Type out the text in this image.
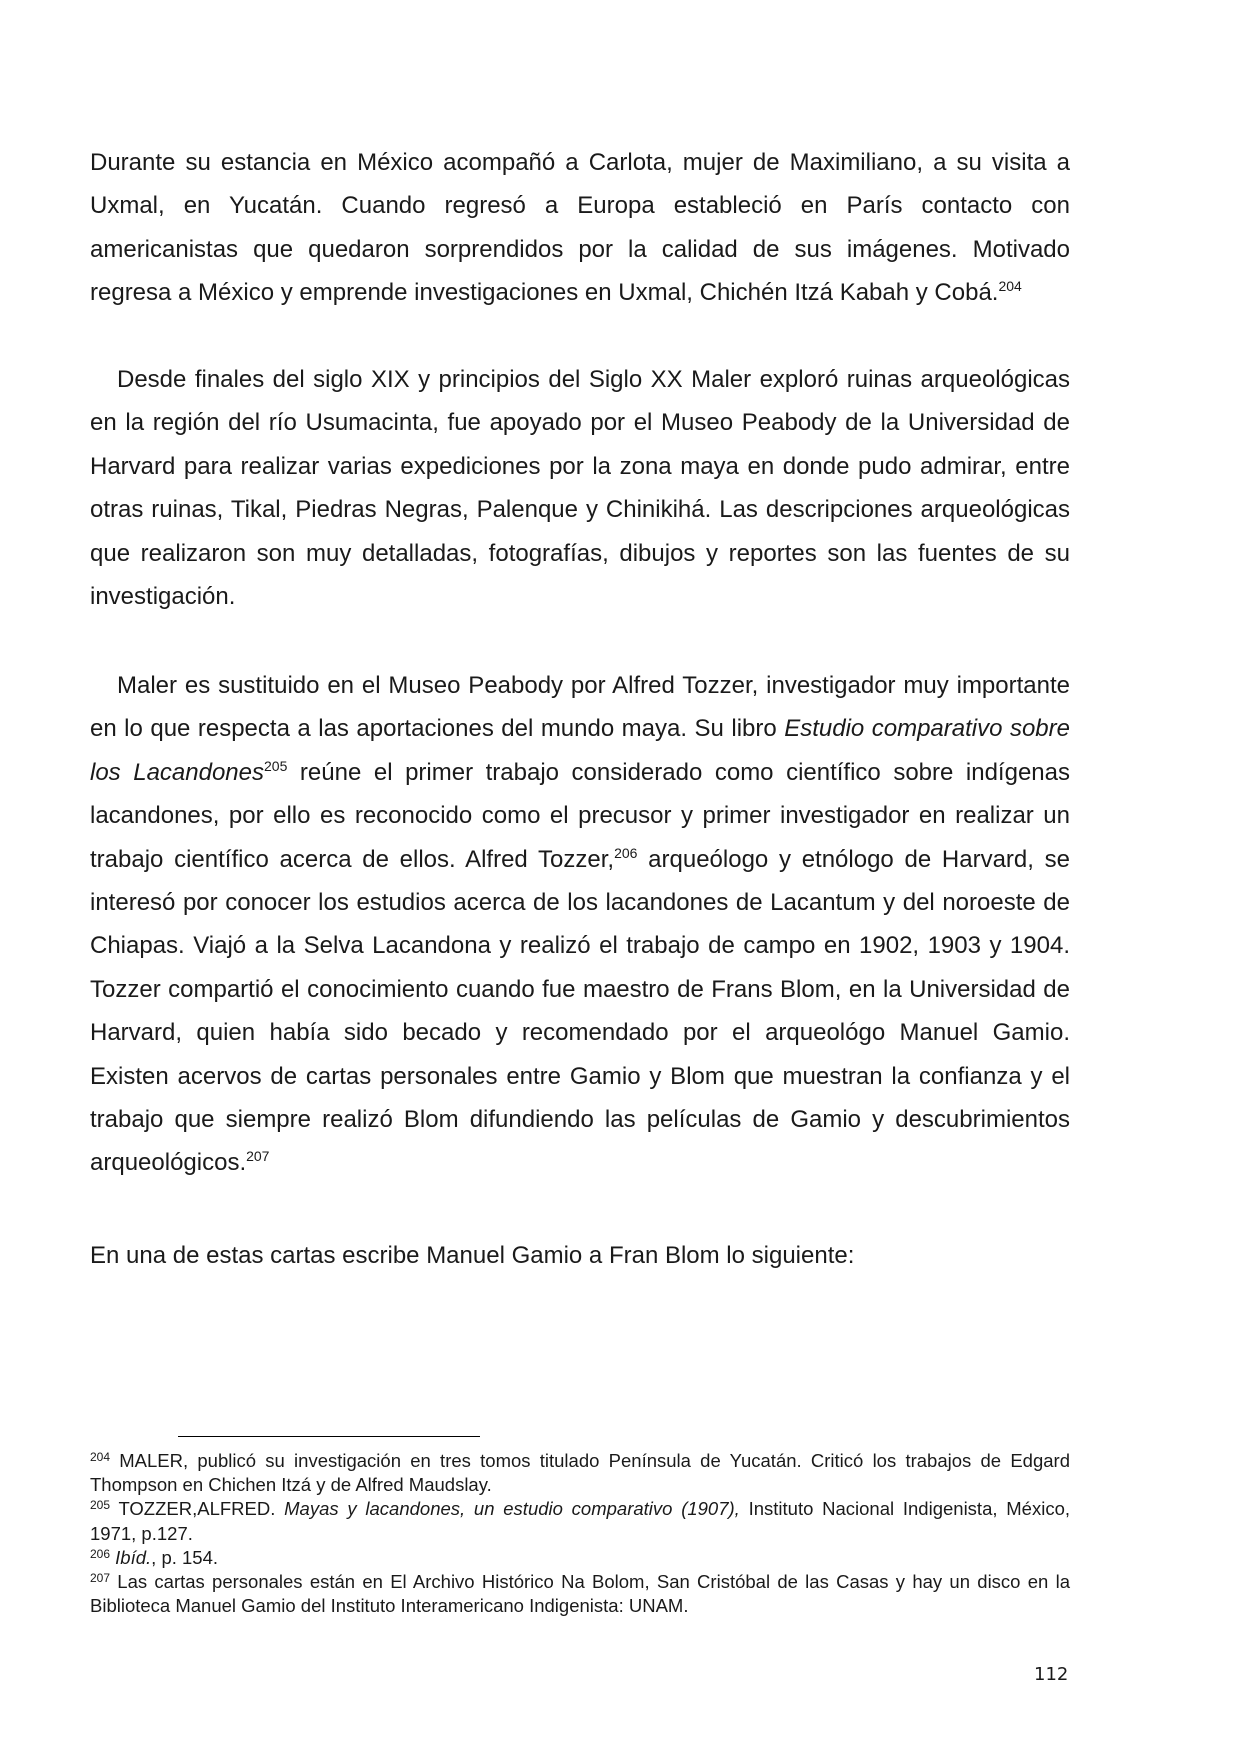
Durante su estancia en México acompañó a Carlota, mujer de Maximiliano, a su visita a Uxmal, en Yucatán. Cuando regresó a Europa estableció en París contacto con americanistas que quedaron sorprendidos por la calidad de sus imágenes. Motivado regresa a México y emprende investigaciones en Uxmal, Chichén Itzá Kabah y Cobá.$^{204}$

Desde finales del siglo XIX y principios del Siglo XX Maler exploró ruinas arqueológicas en la región del río Usumacinta, fue apoyado por el Museo Peabody de la Universidad de Harvard para realizar varias expediciones por la zona maya en donde pudo admirar, entre otras ruinas, Tikal, Piedras Negras, Palenque y Chinikihá. Las descripciones arqueológicas que realizaron son muy detalladas, fotografías, dibujos y reportes son las fuentes de su investigación.

Maler es sustituido en el Museo Peabody por Alfred Tozzer, investigador muy importante en lo que respecta a las aportaciones del mundo maya. Su libro Estudio comparativo sobre los Lacandones$^{205}$ reúne el primer trabajo considerado como científico sobre indígenas lacandones, por ello es reconocido como el precusor y primer investigador en realizar un trabajo científico acerca de ellos. Alfred Tozzer,$^{206}$ arqueólogo y etnólogo de Harvard, se interesó por conocer los estudios acerca de los lacandones de Lacantum y del noroeste de Chiapas. Viajó a la Selva Lacandona y realizó el trabajo de campo en 1902, 1903 y 1904. Tozzer compartió el conocimiento cuando fue maestro de Frans Blom, en la Universidad de Harvard, quien había sido becado y recomendado por el arqueológo Manuel Gamio. Existen acervos de cartas personales entre Gamio y Blom que muestran la confianza y el trabajo que siempre realizó Blom difundiendo las películas de Gamio y descubrimientos arqueológicos.$^{207}$

En una de estas cartas escribe Manuel Gamio a Fran Blom lo siguiente:

$^{204}$ MALER, publicó su investigación en tres tomos titulado Península de Yucatán. Criticó los trabajos de Edgard Thompson en Chichen Itzá y de Alfred Maudslay.

$^{205}$ TOZZER,ALFRED. Mayas y lacandones, un estudio comparativo (1907), Instituto Nacional Indigenista, México, 1971, p.127.

$^{206}$ Ibíd., p. 154.

$^{207}$ Las cartas personales están en El Archivo Histórico Na Bolom, San Cristóbal de las Casas y hay un disco en la Biblioteca Manuel Gamio del Instituto Interamericano Indigenista: UNAM.

112
